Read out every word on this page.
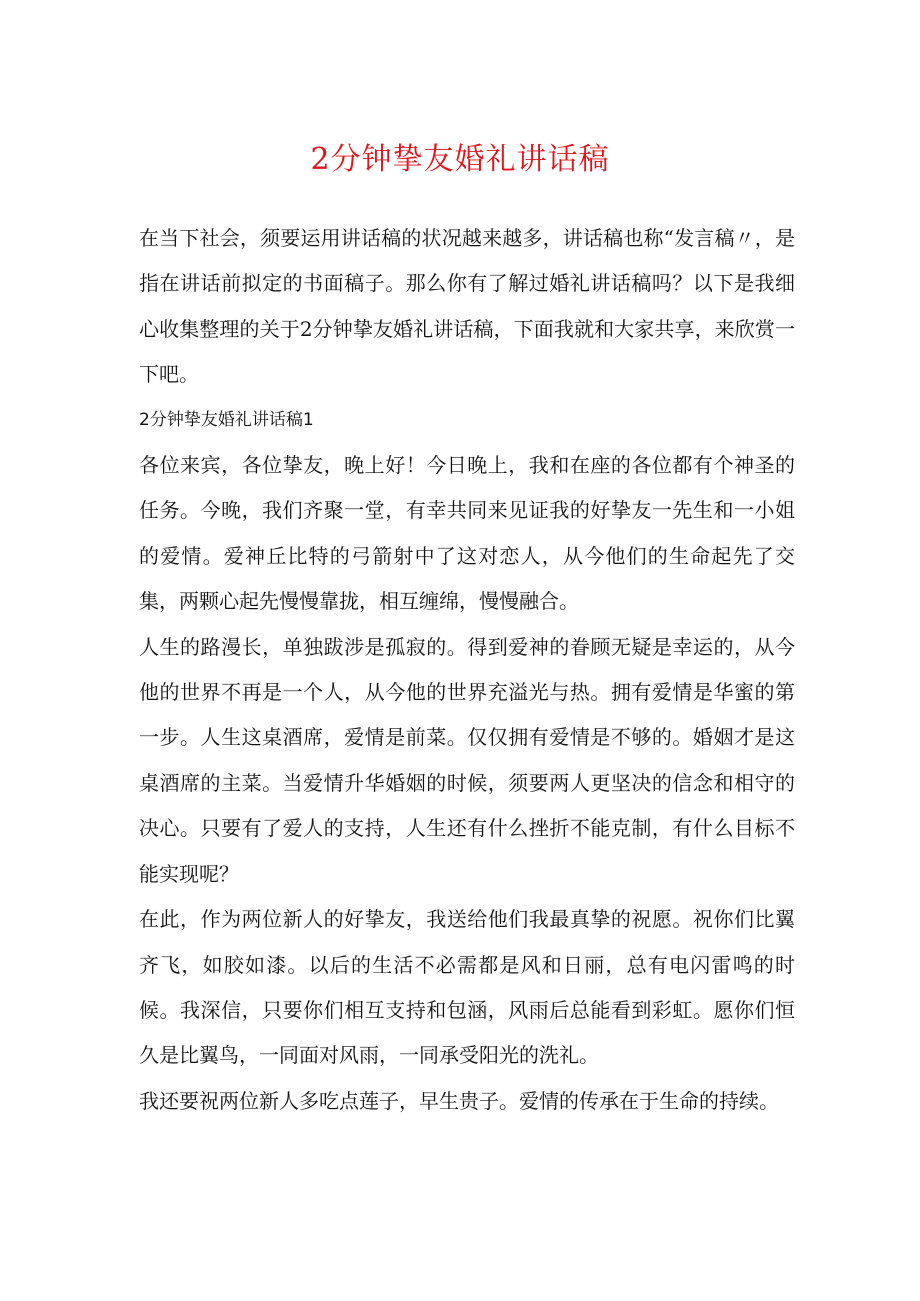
2分钟挚友婚礼讲话稿

在当下社会，须要运用讲话稿的状况越来越多，讲话稿也称“发言稿〃，是指在讲话前拟定的书面稿子。那么你有了解过婚礼讲话稿吗？以下是我细心收集整理的关于2分钟挚友婚礼讲话稿，下面我就和大家共享，来欣赏一下吧。

2分钟挚友婚礼讲话稿1

各位来宾，各位挚友，晚上好！今日晚上，我和在座的各位都有个神圣的任务。今晚，我们齐聚一堂，有幸共同来见证我的好挚友一先生和一小姐的爱情。爱神丘比特的弓箭射中了这对恋人，从今他们的生命起先了交集，两颗心起先慢慢靠拢，相互缠绵，慢慢融合。

人生的路漫长，单独跋涉是孤寂的。得到爱神的眷顾无疑是幸运的，从今他的世界不再是一个人，从今他的世界充溢光与热。拥有爱情是华蜜的第一步。人生这桌酒席，爱情是前菜。仅仅拥有爱情是不够的。婚姻才是这桌酒席的主菜。当爱情升华婚姻的时候，须要两人更坚决的信念和相守的决心。只要有了爱人的支持，人生还有什么挫折不能克制，有什么目标不能实现呢？

在此，作为两位新人的好挚友，我送给他们我最真挚的祝愿。祝你们比翼齐飞，如胶如漆。以后的生活不必需都是风和日丽，总有电闪雷鸣的时候。我深信，只要你们相互支持和包涵，风雨后总能看到彩虹。愿你们恒久是比翼鸟，一同面对风雨，一同承受阳光的洗礼。

我还要祝两位新人多吃点莲子，早生贵子。爱情的传承在于生命的持续。
